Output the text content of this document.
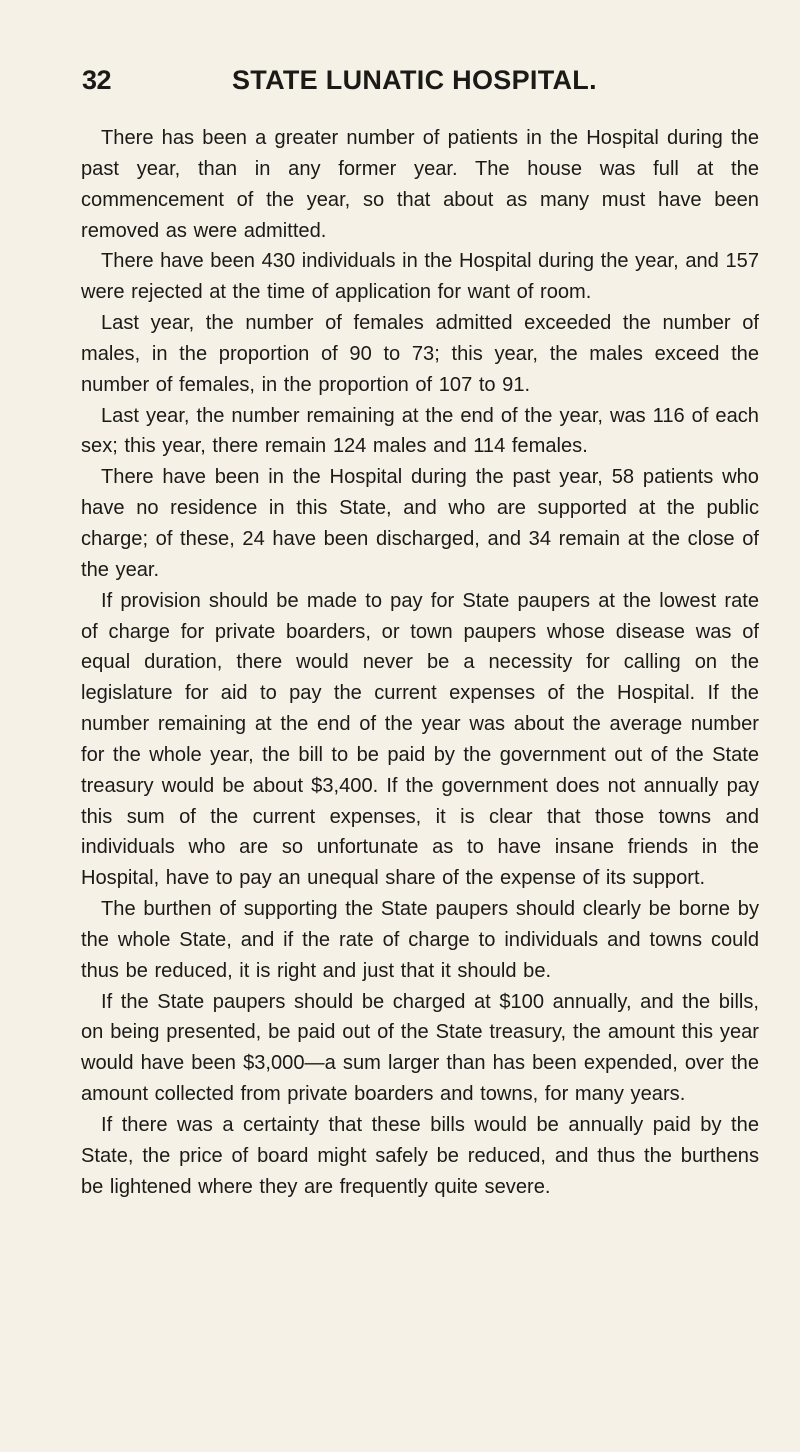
32	STATE LUNATIC HOSPITAL.

There has been a greater number of patients in the Hospital during the past year, than in any former year. The house was full at the commencement of the year, so that about as many must have been removed as were admitted.

There have been 430 individuals in the Hospital during the year, and 157 were rejected at the time of application for want of room.

Last year, the number of females admitted exceeded the number of males, in the proportion of 90 to 73; this year, the males exceed the number of females, in the proportion of 107 to 91.

Last year, the number remaining at the end of the year, was 116 of each sex; this year, there remain 124 males and 114 females.

There have been in the Hospital during the past year, 58 patients who have no residence in this State, and who are supported at the public charge; of these, 24 have been discharged, and 34 remain at the close of the year.

If provision should be made to pay for State paupers at the lowest rate of charge for private boarders, or town paupers whose disease was of equal duration, there would never be a necessity for calling on the legislature for aid to pay the current expenses of the Hospital. If the number remaining at the end of the year was about the average number for the whole year, the bill to be paid by the government out of the State treasury would be about $3,400. If the government does not annually pay this sum of the current expenses, it is clear that those towns and individuals who are so unfortunate as to have insane friends in the Hospital, have to pay an unequal share of the expense of its support.

The burthen of supporting the State paupers should clearly be borne by the whole State, and if the rate of charge to individuals and towns could thus be reduced, it is right and just that it should be.

If the State paupers should be charged at $100 annually, and the bills, on being presented, be paid out of the State treasury, the amount this year would have been $3,000—a sum larger than has been expended, over the amount collected from private boarders and towns, for many years.

If there was a certainty that these bills would be annually paid by the State, the price of board might safely be reduced, and thus the burthens be lightened where they are frequently quite severe.
